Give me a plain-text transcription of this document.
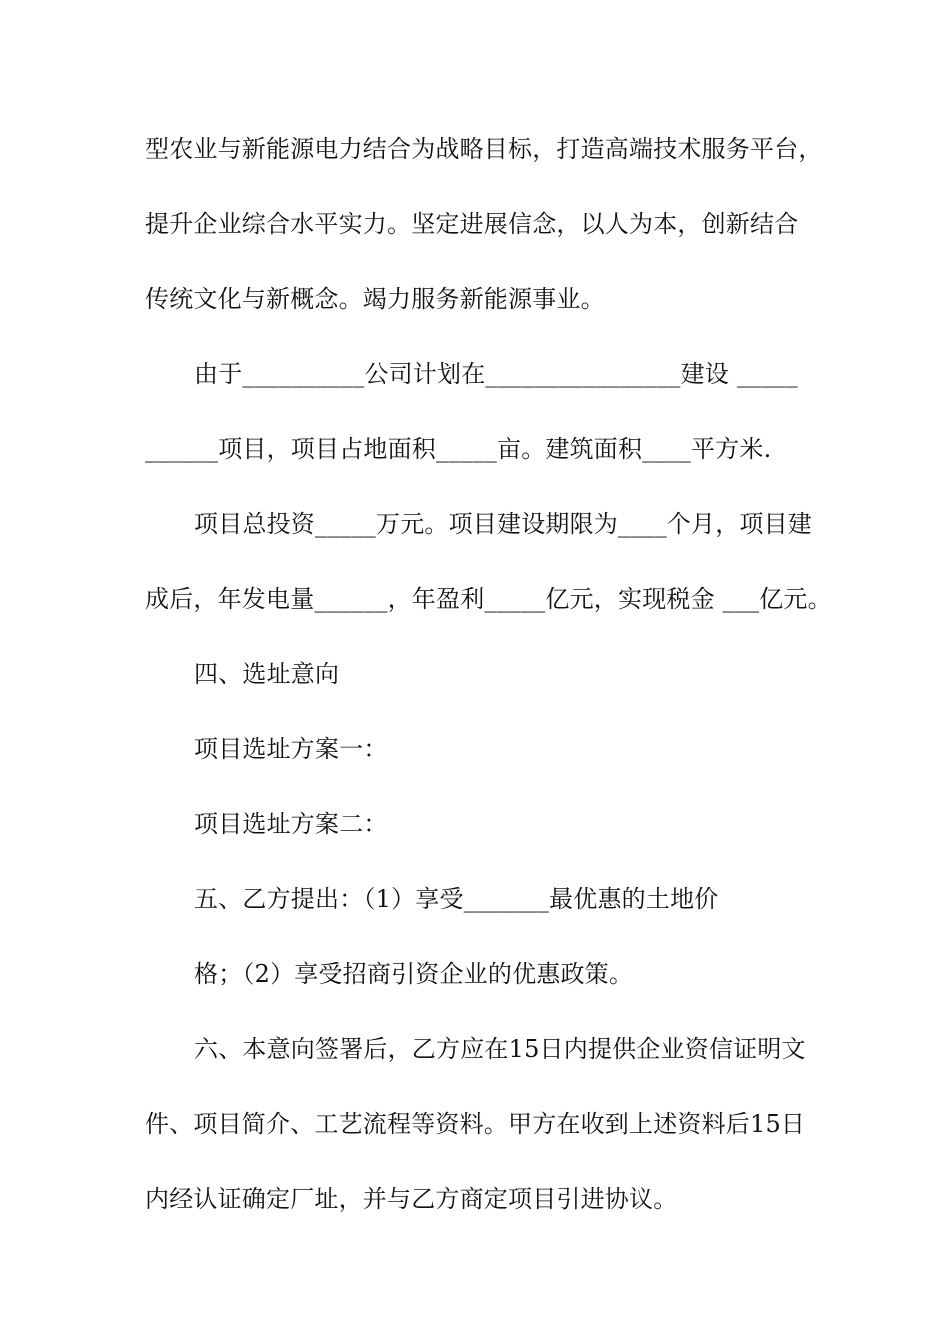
型农业与新能源电力结合为战略目标，打造高端技术服务平台，
提升企业综合水平实力。坚定进展信念，以人为本，创新结合
传统文化与新概念。竭力服务新能源事业。
由于__________公司计划在________________建设 _____
______项目，项目占地面积_____亩。建筑面积____平方米.
项目总投资_____万元。项目建设期限为____个月，项目建
成后，年发电量______，年盈利_____亿元，实现税金 ___亿元。
四、选址意向
项目选址方案一：
项目选址方案二：
五、乙方提出：（1）享受_______最优惠的土地价
格；（2）享受招商引资企业的优惠政策。
六、本意向签署后，乙方应在15日内提供企业资信证明文
件、项目简介、工艺流程等资料。甲方在收到上述资料后15日
内经认证确定厂址，并与乙方商定项目引进协议。
